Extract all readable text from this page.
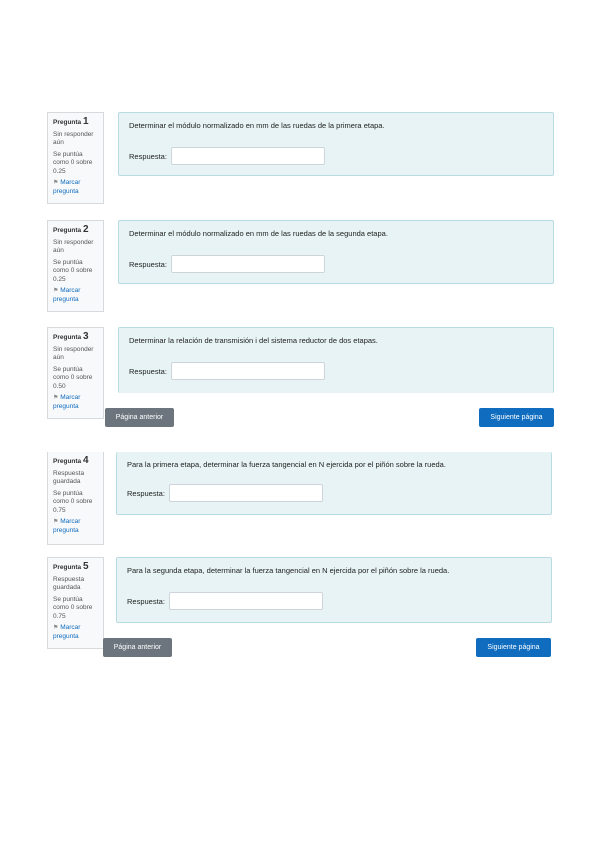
Pregunta 1
Sin responder aún
Se puntúa como 0 sobre 0.25
⚑ Marcar pregunta
Determinar el módulo normalizado en mm de las ruedas de la primera etapa.
Respuesta:
Pregunta 2
Sin responder aún
Se puntúa como 0 sobre 0.25
⚑ Marcar pregunta
Determinar el módulo normalizado en mm de las ruedas de la segunda etapa.
Respuesta:
Pregunta 3
Sin responder aún
Se puntúa como 0 sobre 0.50
⚑ Marcar pregunta
Determinar la relación de transmisión i del sistema reductor de dos etapas.
Respuesta:
Página anterior	Siguiente página
Pregunta 4
Respuesta guardada
Se puntúa como 0 sobre 0.75
⚑ Marcar pregunta
Para la primera etapa, determinar la fuerza tangencial en N ejercida por el piñón sobre la rueda.
Respuesta:
Pregunta 5
Respuesta guardada
Se puntúa como 0 sobre 0.75
⚑ Marcar pregunta
Para la segunda etapa, determinar la fuerza tangencial en N ejercida por el piñón sobre la rueda.
Respuesta:
Página anterior	Siguiente página
